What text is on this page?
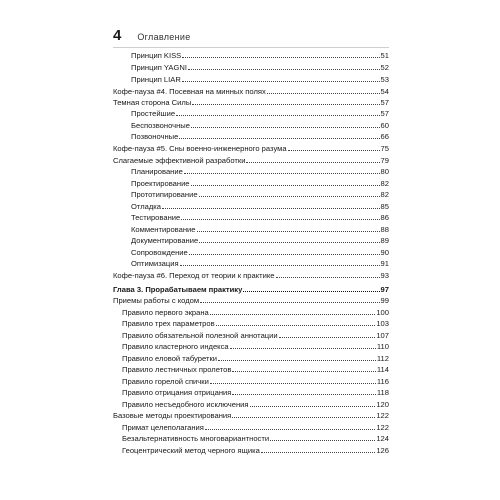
4 Оглавление
Принцип KISS	51
Принцип YAGNI	52
Принцип LIAR	53
Кофе-пауза #4. Посевная на минных полях	54
Темная сторона Силы	57
Простейшие	57
Беспозвоночные	60
Позвоночные	66
Кофе-пауза #5. Сны военно-инженерного разума	75
Слагаемые эффективной разработки	79
Планирование	80
Проектирование	82
Прототипирование	82
Отладка	85
Тестирование	86
Комментирование	88
Документирование	89
Сопровождение	90
Оптимизация	91
Кофе-пауза #6. Переход от теории к практике	93
Глава 3. Прорабатываем практику	97
Приемы работы с кодом	99
Правило первого экрана	100
Правило трех параметров	103
Правило обязательной полезной аннотации	107
Правило кластерного индекса	110
Правило еловой табуретки	112
Правило лестничных пролетов	114
Правило горелой спички	116
Правило отрицания отрицания	118
Правило несъедобного исключения	120
Базовые методы проектирования	122
Примат целеполагания	122
Безальтернативность многовариантности	124
Геоцентрический метод черного ящика	126
